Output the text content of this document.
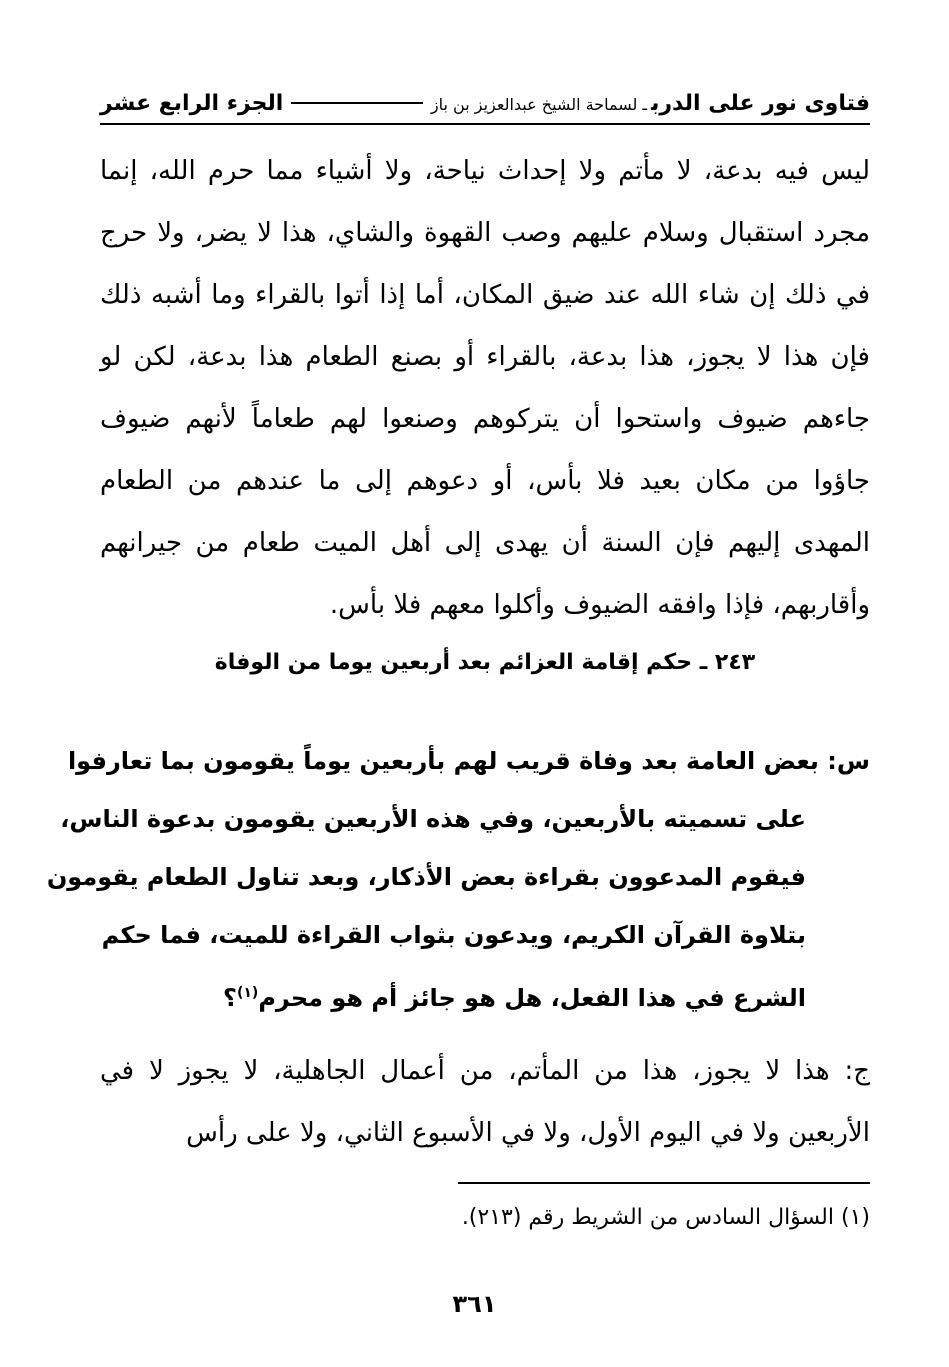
فتاوى نور على الدربـ لسماحة الشيخ عبدالعزيز بن باز
الجزء الرابع عشر

ليس فيه بدعة، لا مأتم ولا إحداث نياحة، ولا أشياء مما حرم الله، إنما مجرد استقبال وسلام عليهم وصب القهوة والشاي، هذا لا يضر، ولا حرج في ذلك إن شاء الله عند ضيق المكان، أما إذا أتوا بالقراء وما أشبه ذلك فإن هذا لا يجوز، هذا بدعة، بالقراء أو بصنع الطعام هذا بدعة، لكن لو جاءهم ضيوف واستحوا أن يتركوهم وصنعوا لهم طعاماً لأنهم ضيوف جاؤوا من مكان بعيد فلا بأس، أو دعوهم إلى ما عندهم من الطعام المهدى إليهم فإن السنة أن يهدى إلى أهل الميت طعام من جيرانهم وأقاربهم، فإذا وافقه الضيوف وأكلوا معهم فلا بأس.

٢٤٣ ـ حكم إقامة العزائم بعد أربعين يوما من الوفاة
س: بعض العامة بعد وفاة قريب لهم بأربعين يوماً يقومون بما تعارفوا
على تسميته بالأربعين، وفي هذه الأربعين يقومون بدعوة الناس،
فيقوم المدعوون بقراءة بعض الأذكار، وبعد تناول الطعام يقومون
بتلاوة القرآن الكريم، ويدعون بثواب القراءة للميت، فما حكم
الشرع في هذا الفعل، هل هو جائز أم هو محرم$^{(١)}$؟

ج: هذا لا يجوز، هذا من المأتم، من أعمال الجاهلية، لا يجوز لا في الأربعين ولا في اليوم الأول، ولا في الأسبوع الثاني، ولا على رأس

(١) السؤال السادس من الشريط رقم (٢١٣).

٣٦١
